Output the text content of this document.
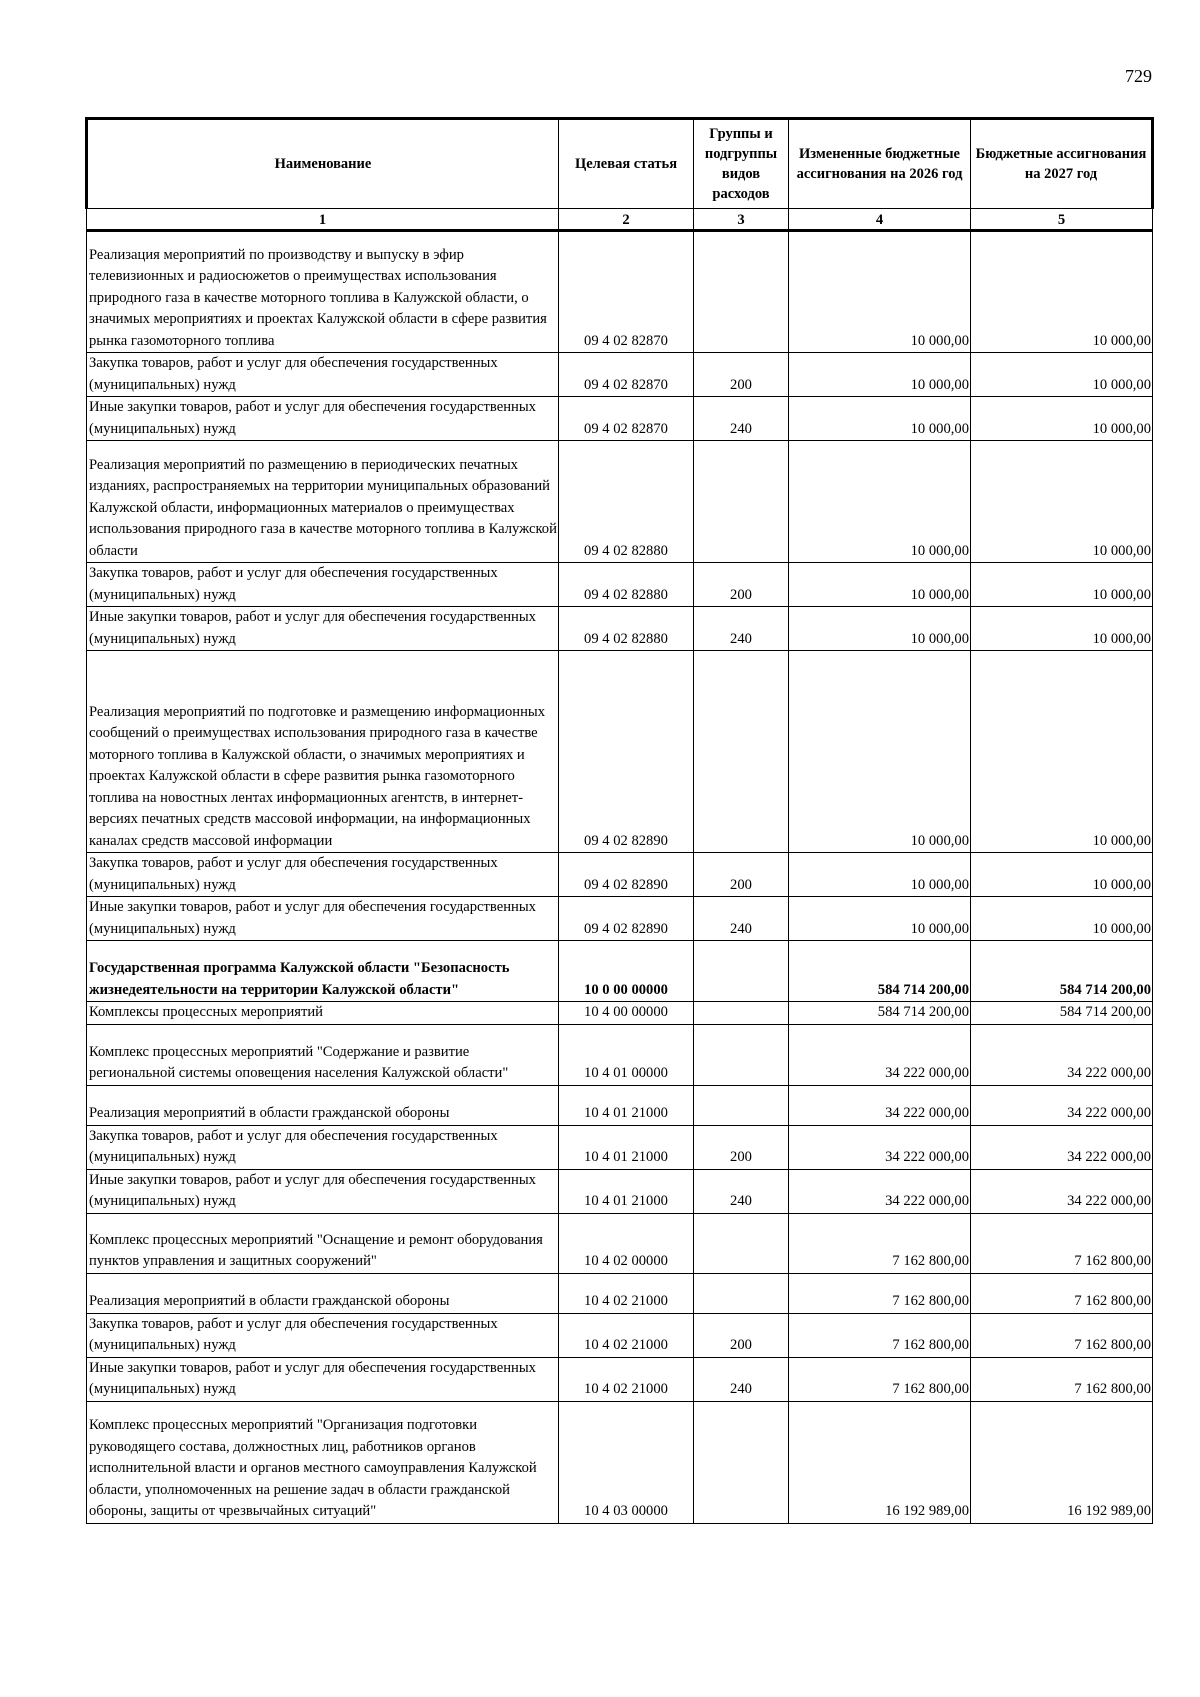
729
Наименование	Целевая статья	Группы и подгруппы видов расходов	Измененные бюджетные ассигнования на 2026 год	Бюджетные ассигнования на 2027 год
1	2	3	4	5
Реализация мероприятий по производству и выпуску в эфир телевизионных и радиосюжетов о преимуществах использования природного газа в качестве моторного топлива в Калужской области, о значимых мероприятиях и проектах Калужской области в сфере развития рынка газомоторного топлива	09 4 02 82870		10 000,00	10 000,00
Закупка товаров, работ и услуг для обеспечения государственных (муниципальных) нужд	09 4 02 82870	200	10 000,00	10 000,00
Иные закупки товаров, работ и услуг для обеспечения государственных (муниципальных) нужд	09 4 02 82870	240	10 000,00	10 000,00
Реализация мероприятий по размещению в периодических печатных изданиях, распространяемых на территории муниципальных образований Калужской области, информационных материалов о преимуществах использования природного газа в качестве моторного топлива в Калужской области	09 4 02 82880		10 000,00	10 000,00
Закупка товаров, работ и услуг для обеспечения государственных (муниципальных) нужд	09 4 02 82880	200	10 000,00	10 000,00
Иные закупки товаров, работ и услуг для обеспечения государственных (муниципальных) нужд	09 4 02 82880	240	10 000,00	10 000,00
Реализация мероприятий по подготовке и размещению информационных сообщений о преимуществах использования природного газа в качестве моторного топлива в Калужской области, о значимых мероприятиях и проектах Калужской области в сфере развития рынка газомоторного топлива на новостных лентах информационных агентств, в интернет-версиях печатных средств массовой информации, на информационных каналах средств массовой информации	09 4 02 82890		10 000,00	10 000,00
Закупка товаров, работ и услуг для обеспечения государственных (муниципальных) нужд	09 4 02 82890	200	10 000,00	10 000,00
Иные закупки товаров, работ и услуг для обеспечения государственных (муниципальных) нужд	09 4 02 82890	240	10 000,00	10 000,00
Государственная программа Калужской области "Безопасность жизнедеятельности на территории Калужской области"	10 0 00 00000		584 714 200,00	584 714 200,00
Комплексы процессных мероприятий	10 4 00 00000		584 714 200,00	584 714 200,00
Комплекс процессных мероприятий "Содержание и развитие региональной системы оповещения населения Калужской области"	10 4 01 00000		34 222 000,00	34 222 000,00
Реализация мероприятий в области гражданской обороны	10 4 01 21000		34 222 000,00	34 222 000,00
Закупка товаров, работ и услуг для обеспечения государственных (муниципальных) нужд	10 4 01 21000	200	34 222 000,00	34 222 000,00
Иные закупки товаров, работ и услуг для обеспечения государственных (муниципальных) нужд	10 4 01 21000	240	34 222 000,00	34 222 000,00
Комплекс процессных мероприятий "Оснащение и ремонт оборудования пунктов управления и защитных сооружений"	10 4 02 00000		7 162 800,00	7 162 800,00
Реализация мероприятий в области гражданской обороны	10 4 02 21000		7 162 800,00	7 162 800,00
Закупка товаров, работ и услуг для обеспечения государственных (муниципальных) нужд	10 4 02 21000	200	7 162 800,00	7 162 800,00
Иные закупки товаров, работ и услуг для обеспечения государственных (муниципальных) нужд	10 4 02 21000	240	7 162 800,00	7 162 800,00
Комплекс процессных мероприятий "Организация подготовки руководящего состава, должностных лиц, работников органов исполнительной власти и органов местного самоуправления Калужской области, уполномоченных на решение задач в области гражданской обороны, защиты от чрезвычайных ситуаций"	10 4 03 00000		16 192 989,00	16 192 989,00
